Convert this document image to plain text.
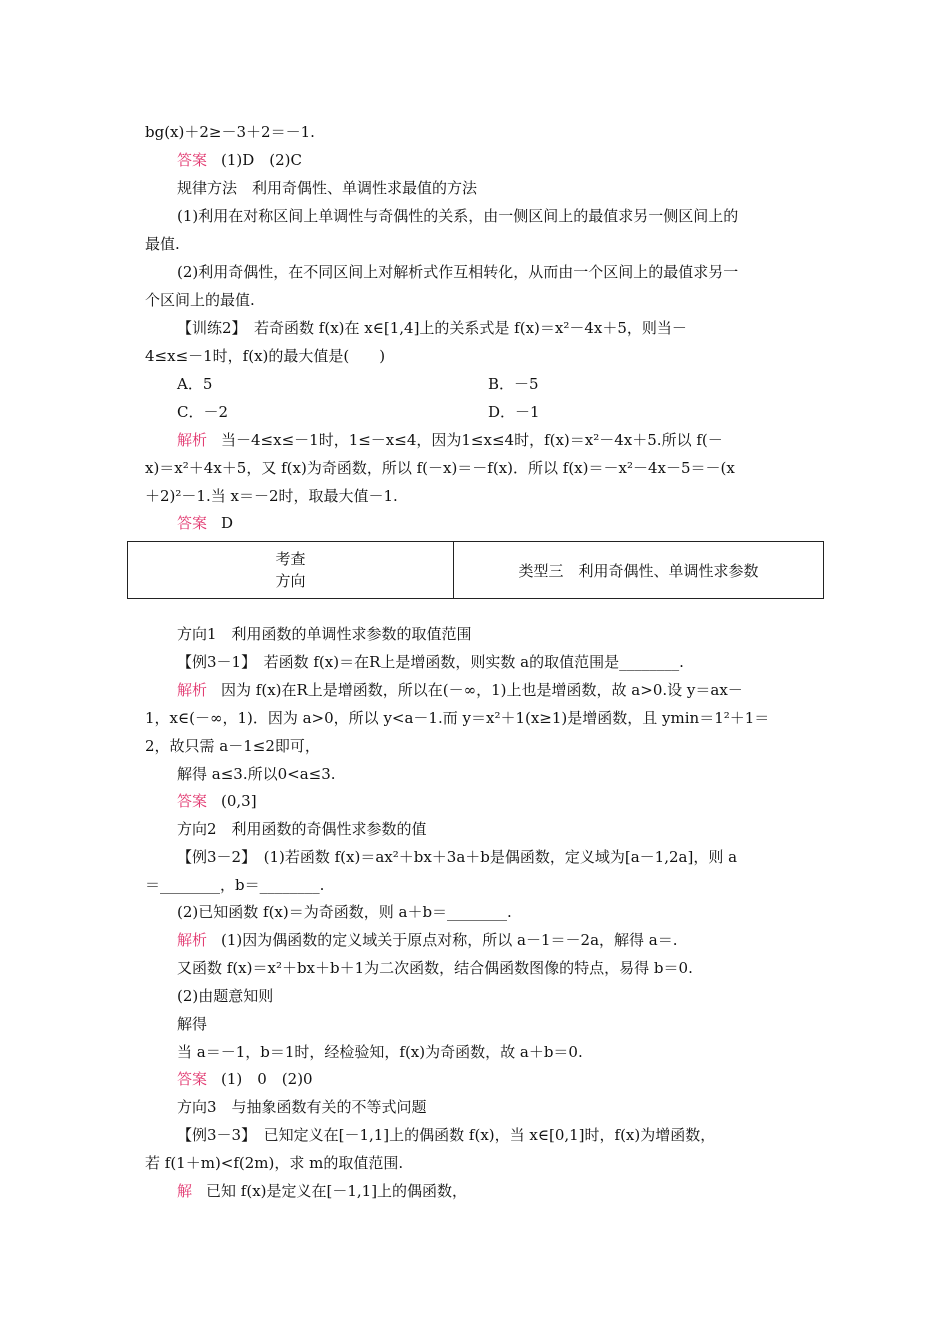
bg(x)＋2≥－3＋2＝－1.
答案 (1)D　(2)C
规律方法　利用奇偶性、单调性求最值的方法
(1)利用在对称区间上单调性与奇偶性的关系，由一侧区间上的最值求另一侧区间上的
最值.
(2)利用奇偶性，在不同区间上对解析式作互相转化，从而由一个区间上的最值求另一
个区间上的最值.
【训练2】　若奇函数 f(x)在 x∈[1,4]上的关系式是 f(x)＝x²－4x＋5，则当－
4≤x≤－1时，f(x)的最大值是(　　)
A．5	B．－5
C．－2	D．－1
解析 当－4≤x≤－1时，1≤－x≤4，因为1≤x≤4时，f(x)＝x²－4x＋5.所以 f(－
x)＝x²＋4x＋5，又 f(x)为奇函数，所以 f(－x)＝－f(x)．所以 f(x)＝－x²－4x－5＝－(x
＋2)²－1.当 x＝－2时，取最大值－1.
答案 D
考查
方向
	类型三　利用奇偶性、单调性求参数
方向1　利用函数的单调性求参数的取值范围
【例3－1】　若函数 f(x)＝在R上是增函数，则实数 a的取值范围是________.
解析 因为 f(x)在R上是增函数，所以在(－∞，1)上也是增函数，故 a>0.设 y＝ax－
1，x∈(－∞，1)．因为 a>0，所以 y<a－1.而 y＝x²＋1(x≥1)是增函数，且 ymin＝1²＋1＝
2，故只需 a－1≤2即可，
解得 a≤3.所以0<a≤3.
答案 (0,3]
方向2　利用函数的奇偶性求参数的值
【例3－2】　(1)若函数 f(x)＝ax²＋bx＋3a＋b是偶函数，定义域为[a－1,2a]，则 a
＝________，b＝________.
(2)已知函数 f(x)＝为奇函数，则 a＋b＝________.
解析 (1)因为偶函数的定义域关于原点对称，所以 a－1＝－2a，解得 a＝.
又函数 f(x)＝x²＋bx＋b＋1为二次函数，结合偶函数图像的特点，易得 b＝0.
(2)由题意知则
解得
当 a＝－1，b＝1时，经检验知，f(x)为奇函数，故 a＋b＝0.
答案 (1)　0　(2)0
方向3　与抽象函数有关的不等式问题
【例3－3】　已知定义在[－1,1]上的偶函数 f(x)，当 x∈[0,1]时，f(x)为增函数，
若 f(1＋m)<f(2m)，求 m的取值范围.
解 已知 f(x)是定义在[－1,1]上的偶函数，
